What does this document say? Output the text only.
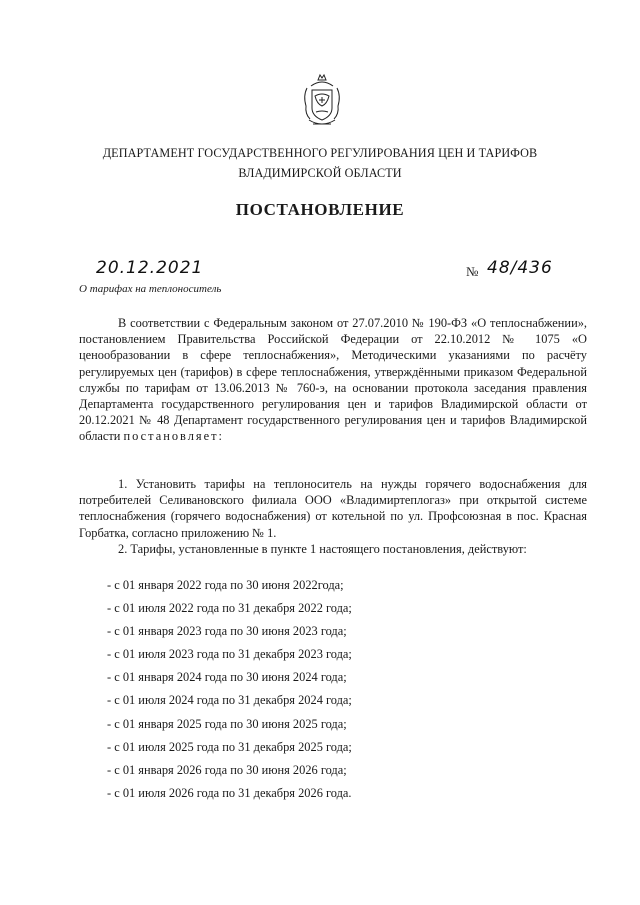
ДЕПАРТАМЕНТ ГОСУДАРСТВЕННОГО РЕГУЛИРОВАНИЯ ЦЕН И ТАРИФОВ
ВЛАДИМИРСКОЙ ОБЛАСТИ
ПОСТАНОВЛЕНИЕ
20.12.2021	№ 48/436
О тарифах на теплоноситель

В соответствии с Федеральным законом от 27.07.2010 № 190-ФЗ «О теплоснабжении», постановлением Правительства Российской Федерации от 22.10.2012 № 1075 «О ценообразовании в сфере теплоснабжения», Методическими указаниями по расчёту регулируемых цен (тарифов) в сфере теплоснабжения, утверждёнными приказом Федеральной службы по тарифам от 13.06.2013 № 760-э, на основании протокола заседания правления Департамента государственного регулирования цен и тарифов Владимирской области от 20.12.2021 № 48 Департамент государственного регулирования цен и тарифов Владимирской области постановляет:

1. Установить тарифы на теплоноситель на нужды горячего водоснабжения для потребителей Селивановского филиала ООО «Владимиртеплогаз» при открытой системе теплоснабжения (горячего водоснабжения) от котельной по ул. Профсоюзная в пос. Красная Горбатка, согласно приложению № 1.

2. Тарифы, установленные в пункте 1 настоящего постановления, действуют:

- с 01 января 2022 года по 30 июня 2022года;
- с 01 июля 2022 года по 31 декабря 2022 года;
- с 01 января 2023 года по 30 июня 2023 года;
- с 01 июля 2023 года по 31 декабря 2023 года;
- с 01 января 2024 года по 30 июня 2024 года;
- с 01 июля 2024 года по 31 декабря 2024 года;
- с 01 января 2025 года по 30 июня 2025 года;
- с 01 июля 2025 года по 31 декабря 2025 года;
- с 01 января 2026 года по 30 июня 2026 года;
- с 01 июля 2026 года по 31 декабря 2026 года.
